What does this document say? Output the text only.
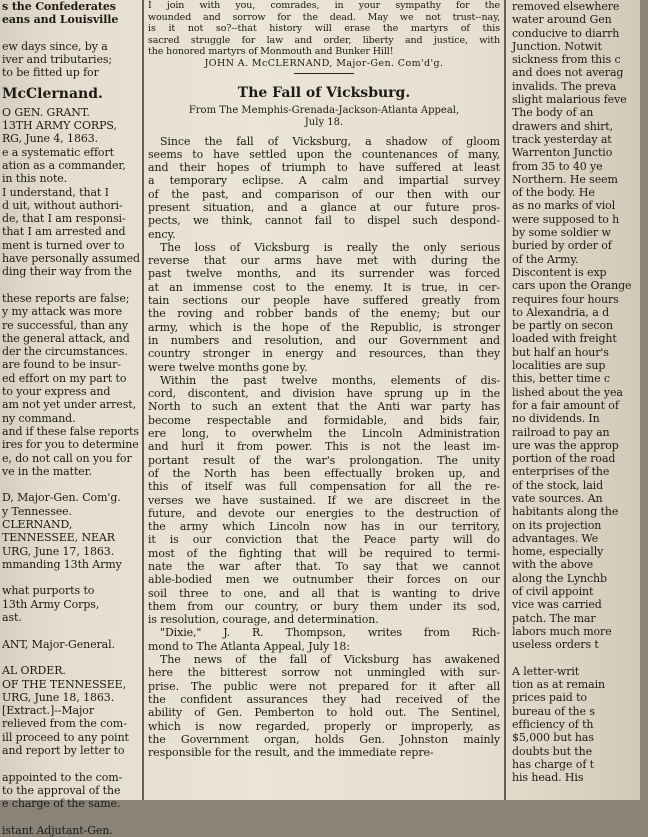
s the Confederates
eans and Louisville

ew days since, by a
iver and tributaries;
to be fitted up for
McClernand.
O GEN. GRANT.
13TH ARMY CORPS,
RG, June 4, 1863.
e a systematic effort
ation as a commander,
in this note.
I understand, that I
d uit, without authori-
de, that I am responsi-
that I am arrested and
ment is turned over to
have personally assumed
ding their way from the

these reports are false;
y my attack was more
re successful, than any
the general attack, and
der the circumstances.
are found to be insur-
ed effort on my part to
to your express and
am not yet under arrest,
ny command.
and if these false reports
ires for you to determine
e, do not call on you for
ve in the matter.

D, Major-Gen. Com'g.
y Tennessee.
CLERNAND,
TENNESSEE, NEAR
URG, June 17, 1863.
mmanding 13th Army

what purports to
13th Army Corps,
ast.

ANT, Major-General.

AL ORDER.
OF THE TENNESSEE,
URG, June 18, 1863.
[Extract.]--Major
relieved from the com-
ill proceed to any point
and report by letter to

appointed to the com-
to the approval of the
e charge of the same.

istant Adjutant-Gen.
I join with you, comrades, in your sympathy for the
wounded and sorrow for the dead. May we not trust--nay,
is it not so?--that history will erase the martyrs of this
sacred struggle for law and order, liberty and justice, with
the honored martyrs of Monmouth and Bunker Hill!
JOHN A. McCLERNAND, Major-Gen. Com'd'g.
The Fall of Vicksburg.
From The Memphis-Grenada-Jackson-Atlanta Appeal,
July 18.
Since the fall of Vicksburg, a shadow of gloom
seems to have settled upon the countenances of many,
and their hopes of triumph to have suffered at least
a temporary eclipse. A calm and impartial survey
of the past, and comparison of our then with our
present situation, and a glance at our future pros-
pects, we think, cannot fail to dispel such despond-
ency.
The loss of Vicksburg is really the only serious
reverse that our arms have met with during the
past twelve months, and its surrender was forced
at an immense cost to the enemy. It is true, in cer-
tain sections our people have suffered greatly from
the roving and robber bands of the enemy; but our
army, which is the hope of the Republic, is stronger
in numbers and resolution, and our Government and
country stronger in energy and resources, than they
were twelve months gone by.
Within the past twelve months, elements of dis-
cord, discontent, and division have sprung up in the
North to such an extent that the Anti war party has
become respectable and formidable, and bids fair,
ere long, to overwhelm the Lincoln Administration
and hurl it from power. This is not the least im-
portant result of the war's prolongation. The unity
of the North has been effectually broken up, and
this of itself was full compensation for all the re-
verses we have sustained. If we are discreet in the
future, and devote our energies to the destruction of
the army which Lincoln now has in our territory,
it is our conviction that the Peace party will do
most of the fighting that will be required to termi-
nate the war after that. To say that we cannot
able-bodied men we outnumber their forces on our
soil three to one, and all that is wanting to drive
them from our country, or bury them under its sod,
is resolution, courage, and determination.
"Dixie," J. R. Thompson, writes from Rich-
mond to The Atlanta Appeal, July 18:
The news of the fall of Vicksburg has awakened
here the bitterest sorrow not unmingled with sur-
prise. The public were not prepared for it after all
the confident assurances they had received of the
ability of Gen. Pemberton to hold out. The Sentinel,
which is now regarded, properly or improperly, as
the Government organ, holds Gen. Johnston mainly
responsible for the result, and the immediate repre-
removed elsewhere
water around Gen
conducive to diarrh
Junction. Notwit
sickness from this c
and does not averag
invalids. The preva
slight malarious feve
The body of an
drawers and shirt,
track yesterday at
Warrenton Junctio
from 35 to 40 ye
Northern. He seem
of the body. He
as no marks of viol
were supposed to h
by some soldier w
buried by order of
of the Army.
Discontent is exp
cars upon the Orange
requires four hours
to Alexandria, a d
be partly on secon
loaded with freight
but half an hour's
localities are sup
this, better time c
lished about the yea
for a fair amount of
no dividends. In
railroad to pay an
ure was the approp
portion of the road
enterprises of the
of the stock, laid
vate sources. An
habitants along the
on its projection
advantages. We
home, especially
with the above
along the Lynchb
of civil appoint
vice was carried
patch. The mar
labors much more
useless orders t

A letter-writ
tion as at remain
prices paid to
bureau of the s
efficiency of th
$5,000 but has
doubts but the
has charge of t
his head. His
